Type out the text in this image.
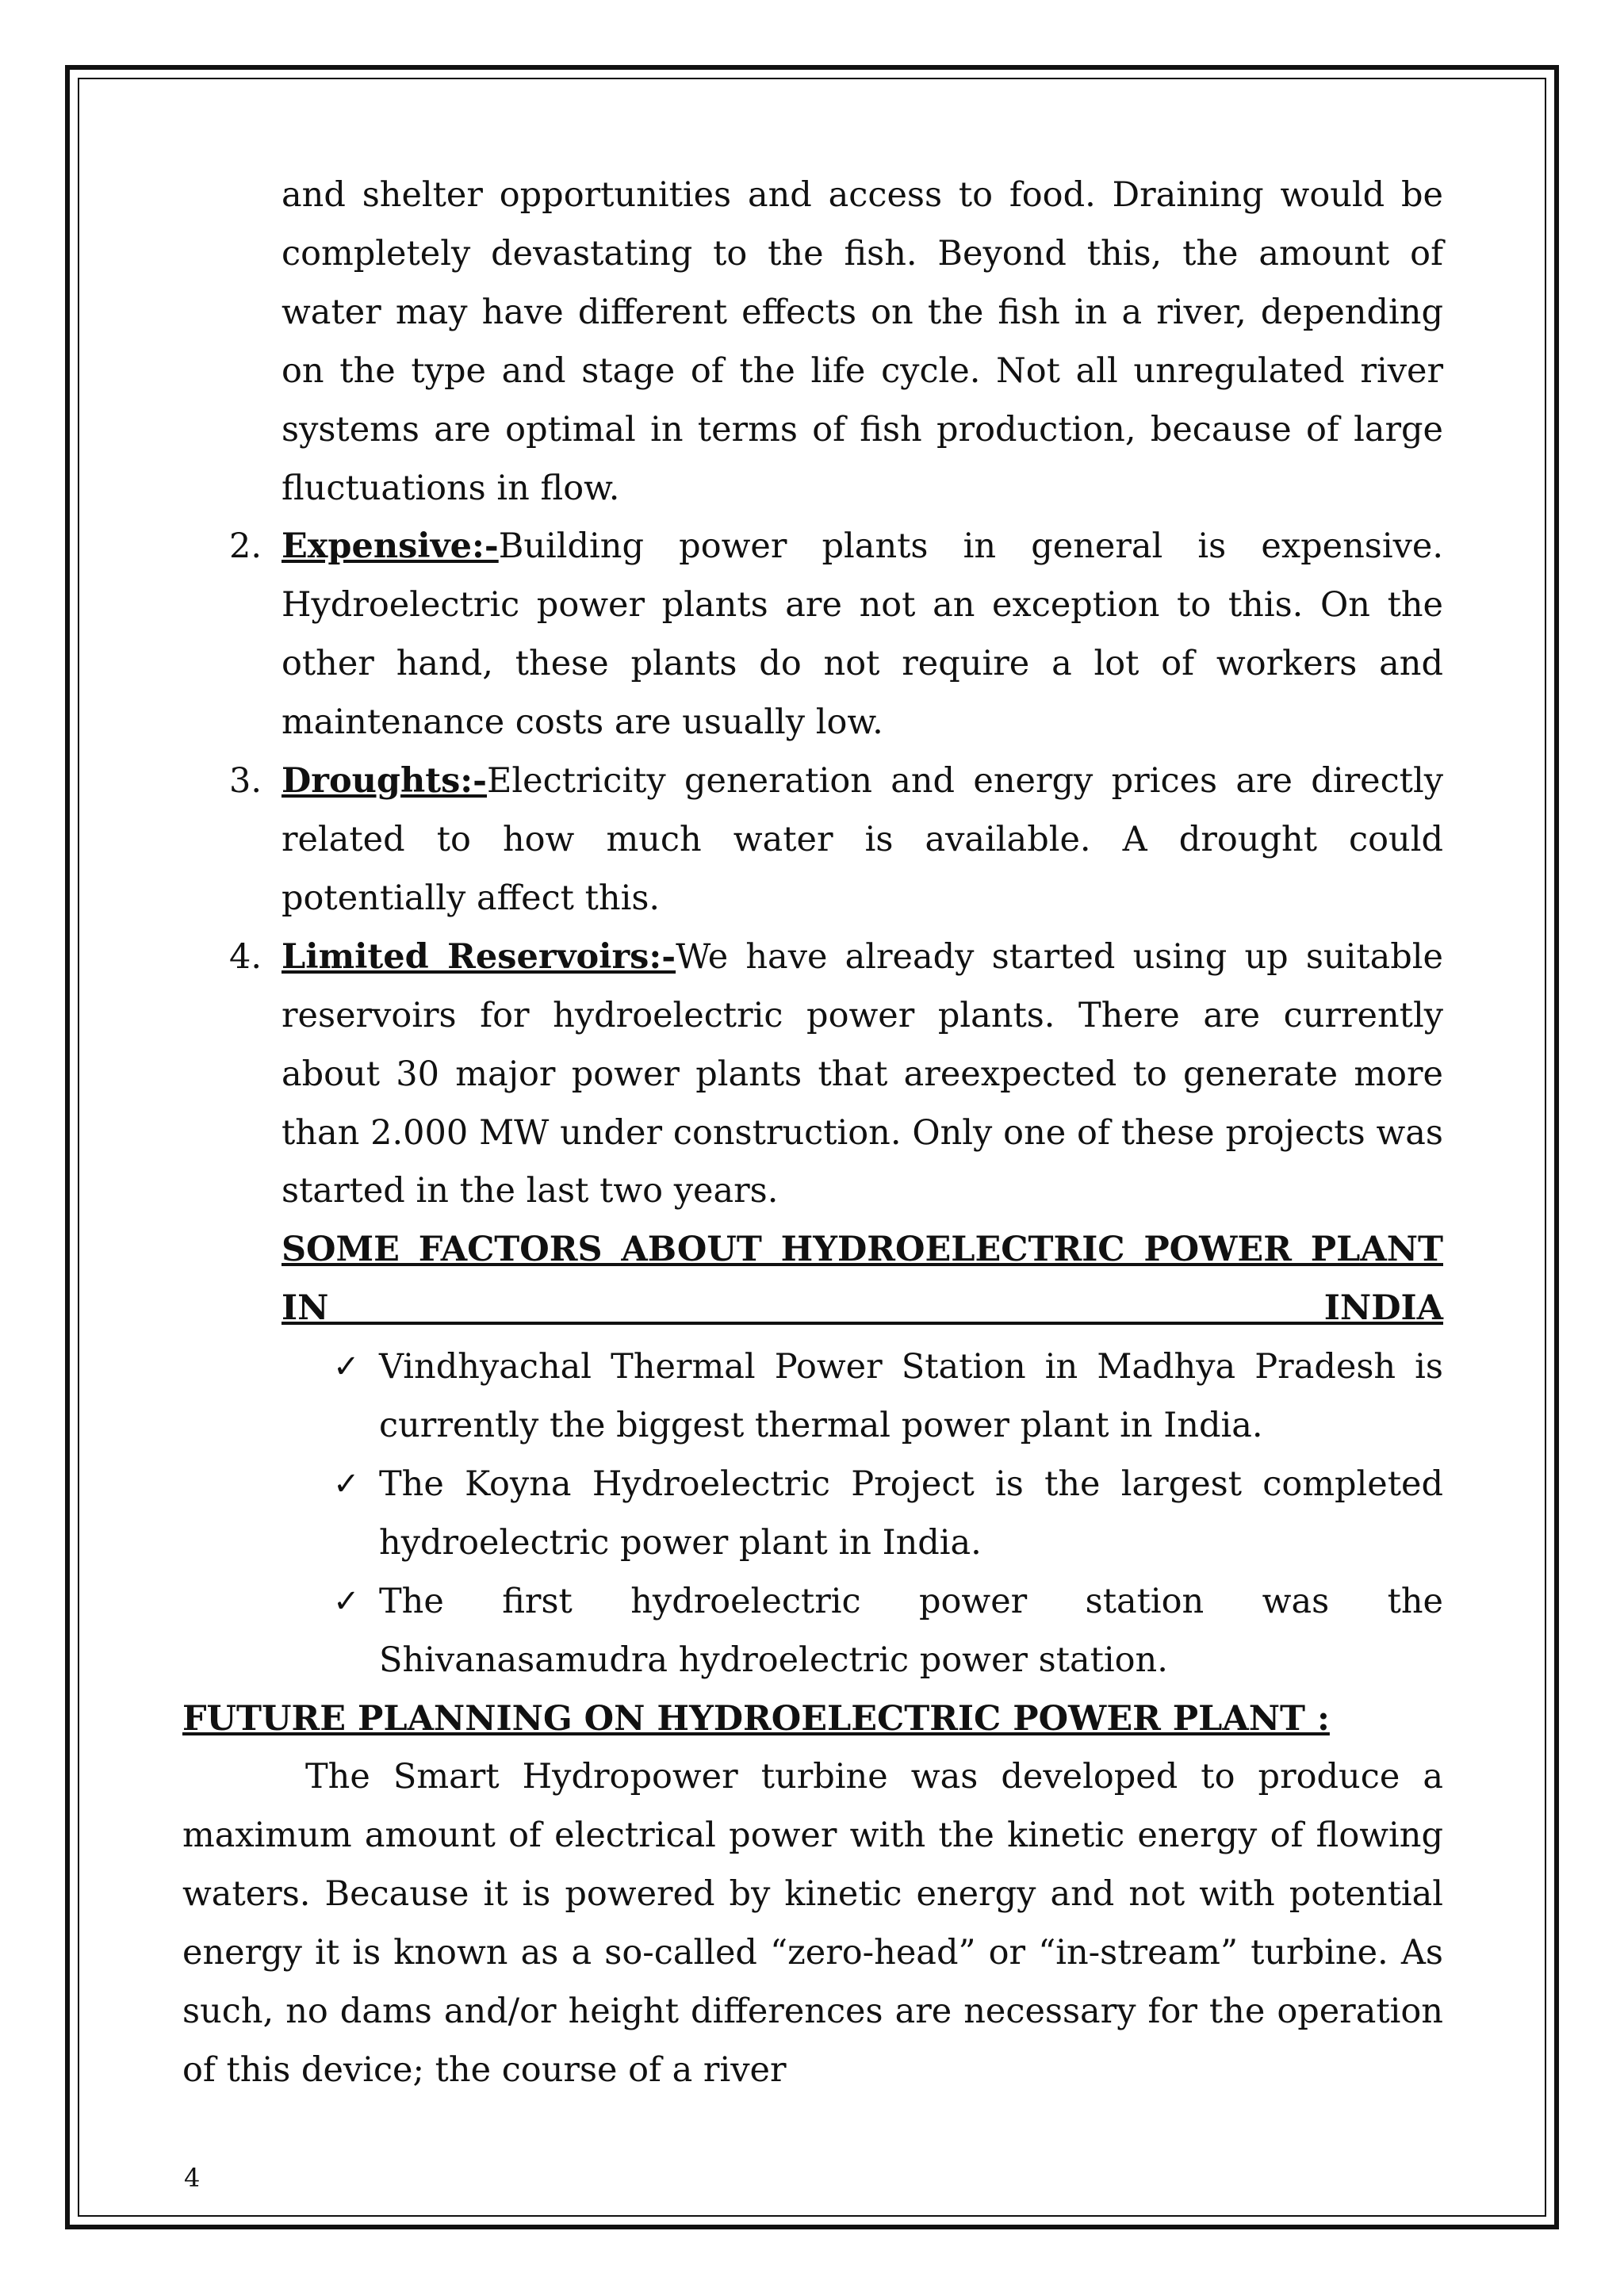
and shelter opportunities and access to food. Draining would be completely devastating to the fish. Beyond this, the amount of water may have different effects on the fish in a river, depending on the type and stage of the life cycle. Not all unregulated river systems are optimal in terms of fish production, because of large fluctuations in flow.

2. Expensive:-Building power plants in general is expensive. Hydroelectric power plants are not an exception to this. On the other hand, these plants do not require a lot of workers and maintenance costs are usually low.

3. Droughts:-Electricity generation and energy prices are directly related to how much water is available. A drought could potentially affect this.

4. Limited Reservoirs:-We have already started using up suitable reservoirs for hydroelectric power plants. There are currently about 30 major power plants that areexpected to generate more than 2.000 MW under construction. Only one of these projects was started in the last two years.

SOME FACTORS ABOUT HYDROELECTRIC POWER PLANT IN INDIA

✓ Vindhyachal Thermal Power Station in Madhya Pradesh is currently the biggest thermal power plant in India.

✓ The Koyna Hydroelectric Project is the largest completed hydroelectric power plant in India.

✓ The first hydroelectric power station was the Shivanasamudra hydroelectric power station.

FUTURE PLANNING ON HYDROELECTRIC POWER PLANT :

The Smart Hydropower turbine was developed to produce a maximum amount of electrical power with the kinetic energy of flowing waters. Because it is powered by kinetic energy and not with potential energy it is known as a so-called “zero-head” or “in-stream” turbine. As such, no dams and/or height differences are necessary for the operation of this device; the course of a river

4
